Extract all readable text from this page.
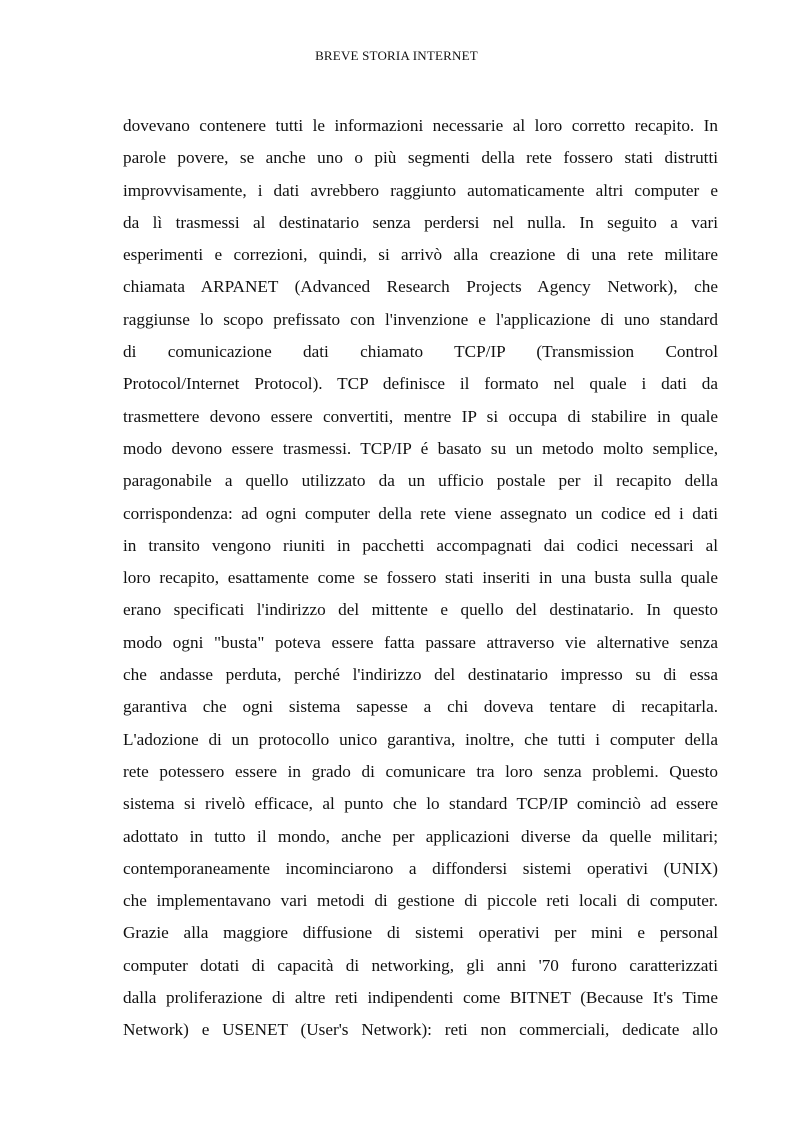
BREVE STORIA INTERNET
dovevano contenere tutti le informazioni necessarie al loro corretto recapito. In
parole povere, se anche uno o più segmenti della rete fossero stati distrutti
improvvisamente, i dati avrebbero raggiunto automaticamente altri computer e
da lì trasmessi al destinatario senza perdersi nel nulla. In seguito a vari
esperimenti e correzioni, quindi, si arrivò alla creazione di una rete militare
chiamata ARPANET (Advanced Research Projects Agency Network), che
raggiunse lo scopo prefissato con l'invenzione e l'applicazione di uno standard
di comunicazione dati chiamato TCP/IP (Transmission Control
Protocol/Internet Protocol). TCP definisce il formato nel quale i dati da
trasmettere devono essere convertiti, mentre IP si occupa di stabilire in quale
modo devono essere trasmessi. TCP/IP é basato su un metodo molto semplice,
paragonabile a quello utilizzato da un ufficio postale per il recapito della
corrispondenza: ad ogni computer della rete viene assegnato un codice ed i dati
in transito vengono riuniti in pacchetti accompagnati dai codici necessari al
loro recapito, esattamente come se fossero stati inseriti in una busta sulla quale
erano specificati l'indirizzo del mittente e quello del destinatario. In questo
modo ogni "busta" poteva essere fatta passare attraverso vie alternative senza
che andasse perduta, perché l'indirizzo del destinatario impresso su di essa
garantiva che ogni sistema sapesse a chi doveva tentare di recapitarla.
L'adozione di un protocollo unico garantiva, inoltre, che tutti i computer della
rete potessero essere in grado di comunicare tra loro senza problemi. Questo
sistema si rivelò efficace, al punto che lo standard TCP/IP cominciò ad essere
adottato in tutto il mondo, anche per applicazioni diverse da quelle militari;
contemporaneamente incominciarono a diffondersi sistemi operativi (UNIX)
che implementavano vari metodi di gestione di piccole reti locali di computer.
Grazie alla maggiore diffusione di sistemi operativi per mini e personal
computer dotati di capacità di networking, gli anni '70 furono caratterizzati
dalla proliferazione di altre reti indipendenti come BITNET (Because It's Time
Network) e USENET (User's Network): reti non commerciali, dedicate allo
